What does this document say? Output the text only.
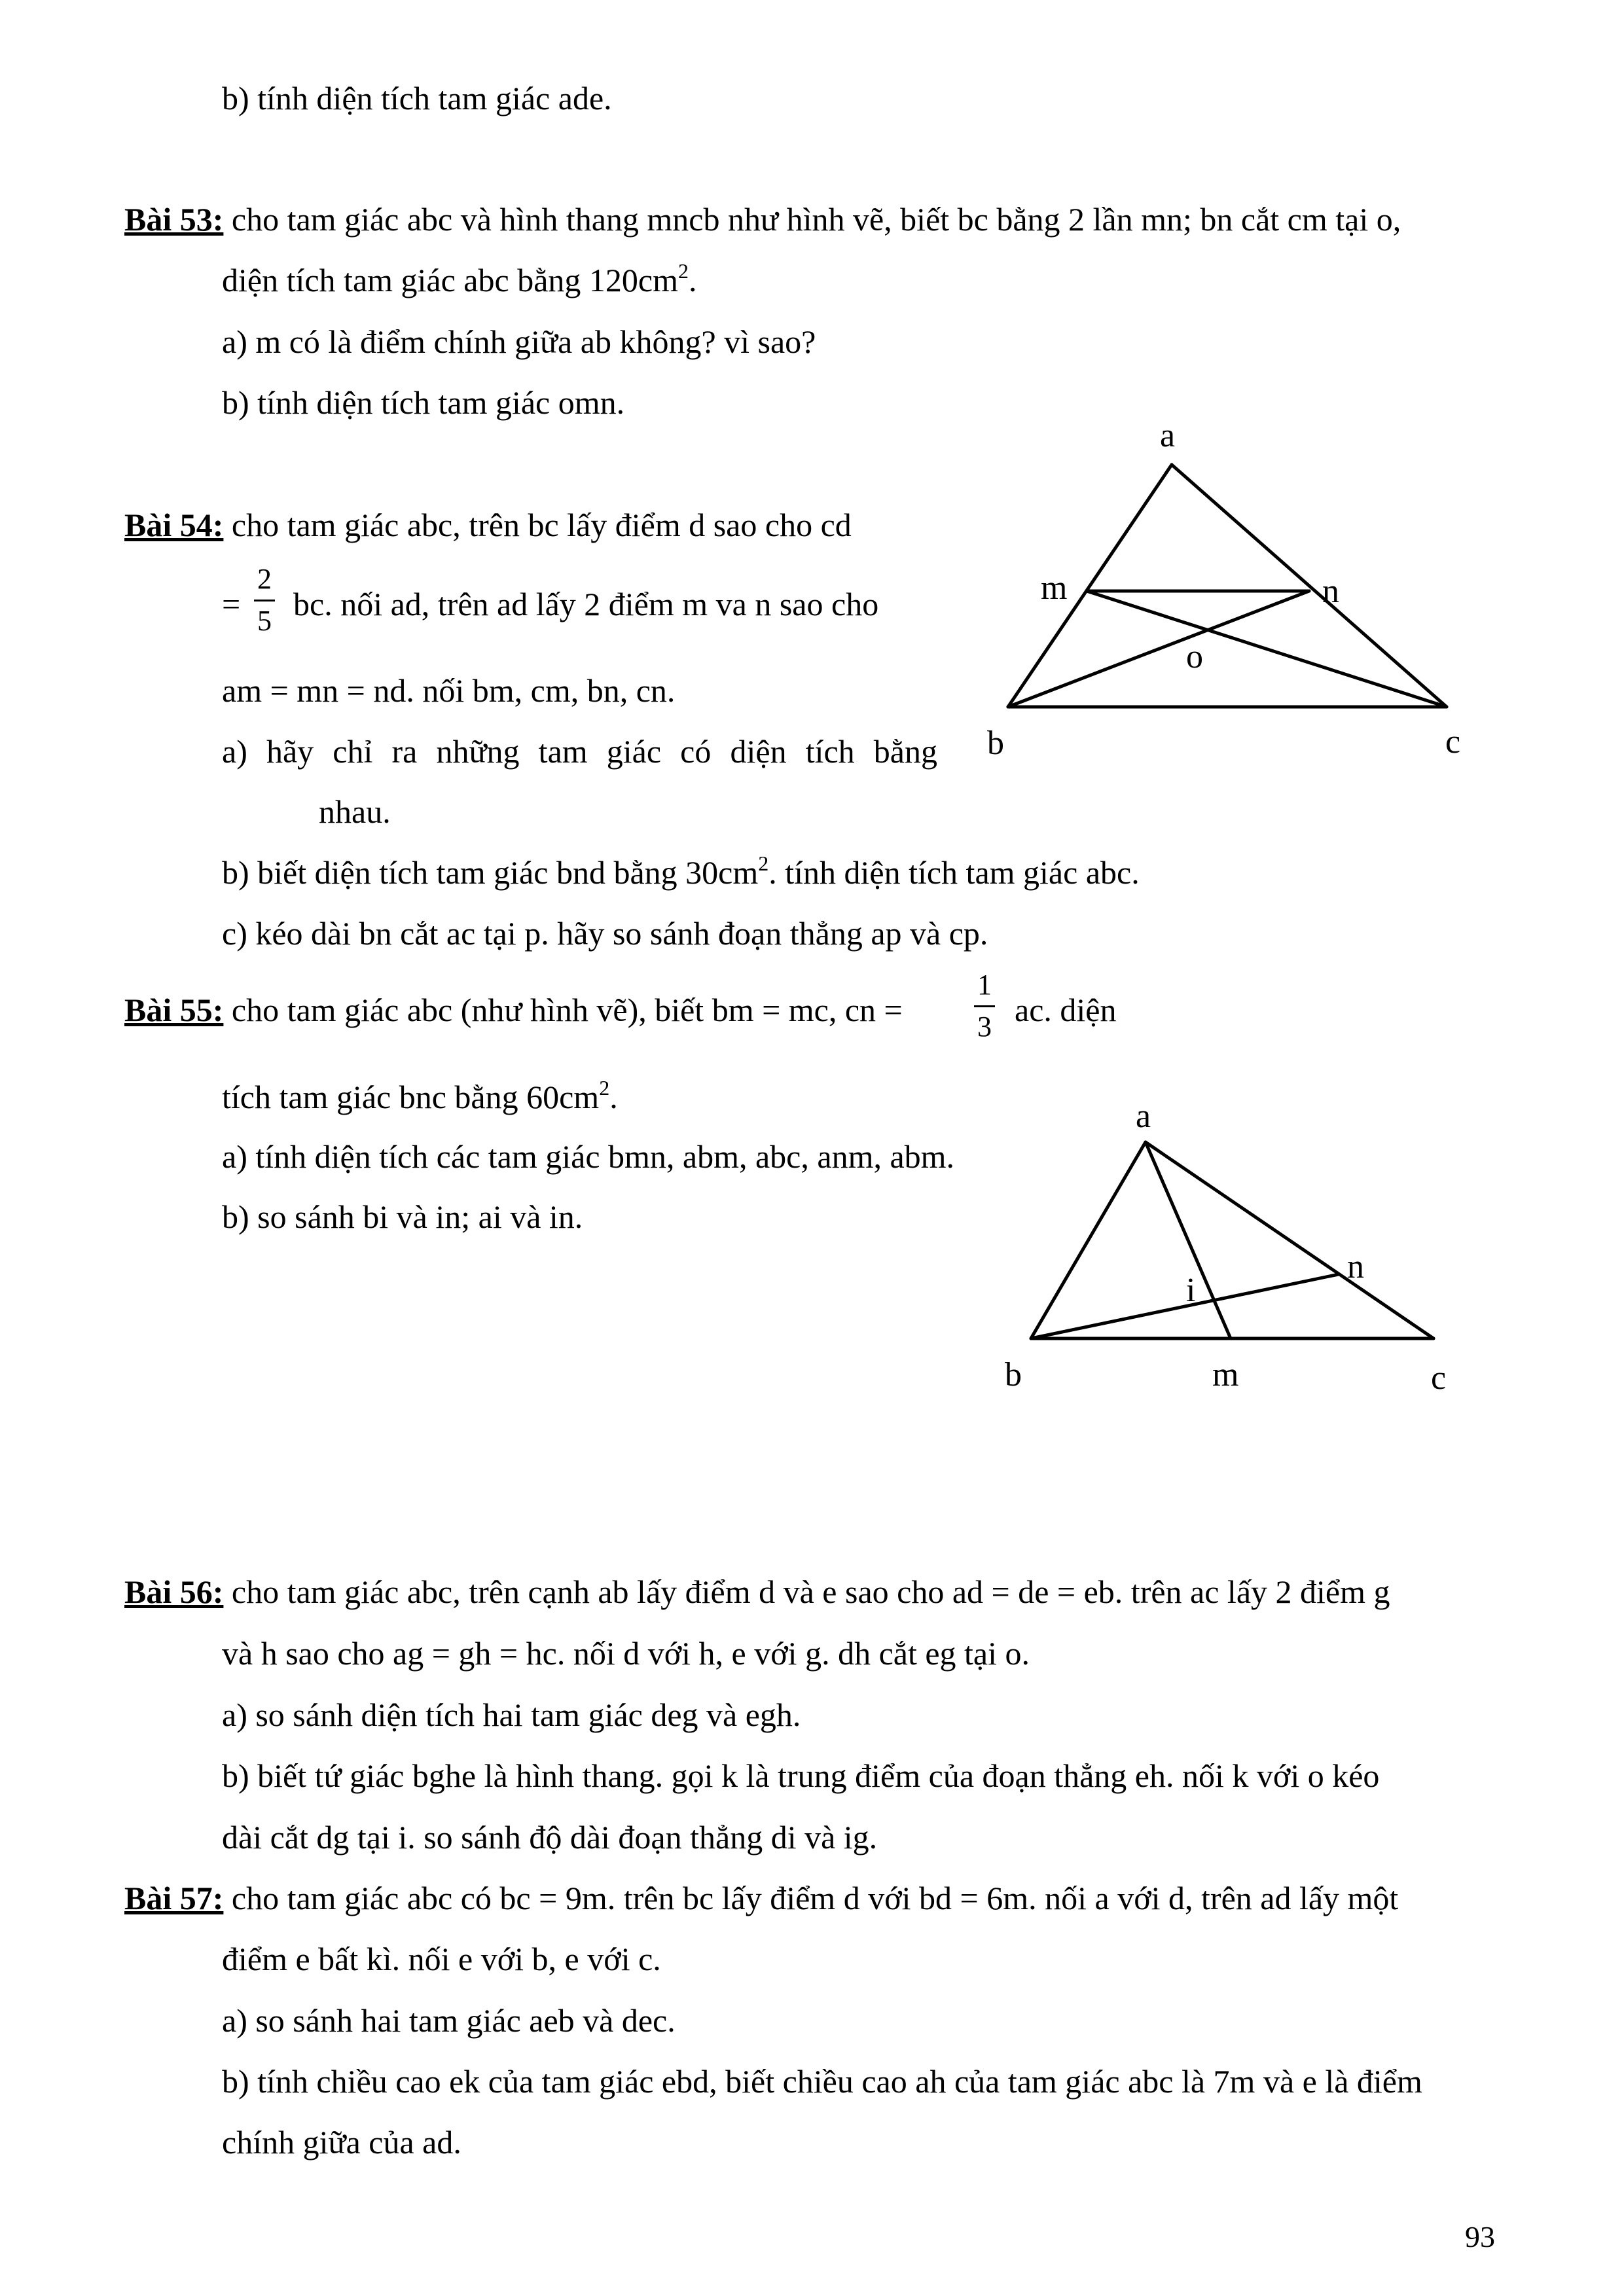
b) tính diện tích tam giác ade.
Bài 53: cho tam giác abc và hình thang mncb như hình vẽ, biết bc bằng 2 lần mn; bn cắt cm tại o,
diện tích tam giác abc bằng $120cm^2$.
a) m có là điểm chính giữa ab không? vì sao?
b) tính diện tích tam giác omn.
Bài 54: cho tam giác abc, trên bc lấy điểm d sao cho cd
=
2
5 bc. nối ad, trên ad lấy 2 điểm m va n sao cho
am = mn = nd. nối bm, cm, bn, cn.
a) hãy chỉ ra những tam giác có diện tích bằng
nhau.
b) biết diện tích tam giác bnd bằng $30cm^2$. tính diện tích tam giác abc.
c) kéo dài bn cắt ac tại p. hãy so sánh đoạn thẳng ap và cp.
a
m	n
o
b	c
Bài 55: cho tam giác abc (như hình vẽ), biết bm = mc, cn =
1
3 ac. diện
tích tam giác bnc bằng $60cm^2$.
a) tính diện tích các tam giác bmn, abm, abc, anm, abm.
b) so sánh bi và in; ai và in.
a
n
i
b	m	c
Bài 56: cho tam giác abc, trên cạnh ab lấy điểm d và e sao cho ad = de = eb. trên ac lấy 2 điểm g
và h sao cho ag = gh = hc. nối d với h, e với g. dh cắt eg tại o.
a) so sánh diện tích hai tam giác deg và egh.
b) biết tứ giác bghe là hình thang. gọi k là trung điểm của đoạn thẳng eh. nối k với o kéo
dài cắt dg tại i. so sánh độ dài đoạn thẳng di và ig.
Bài 57: cho tam giác abc có bc = 9m. trên bc lấy điểm d với bd = 6m. nối a với d, trên ad lấy một
điểm e bất kì. nối e với b, e với c.
a) so sánh hai tam giác aeb và dec.
b) tính chiều cao ek của tam giác ebd, biết chiều cao ah của tam giác abc là 7m và e là điểm
chính giữa của ad.
93
